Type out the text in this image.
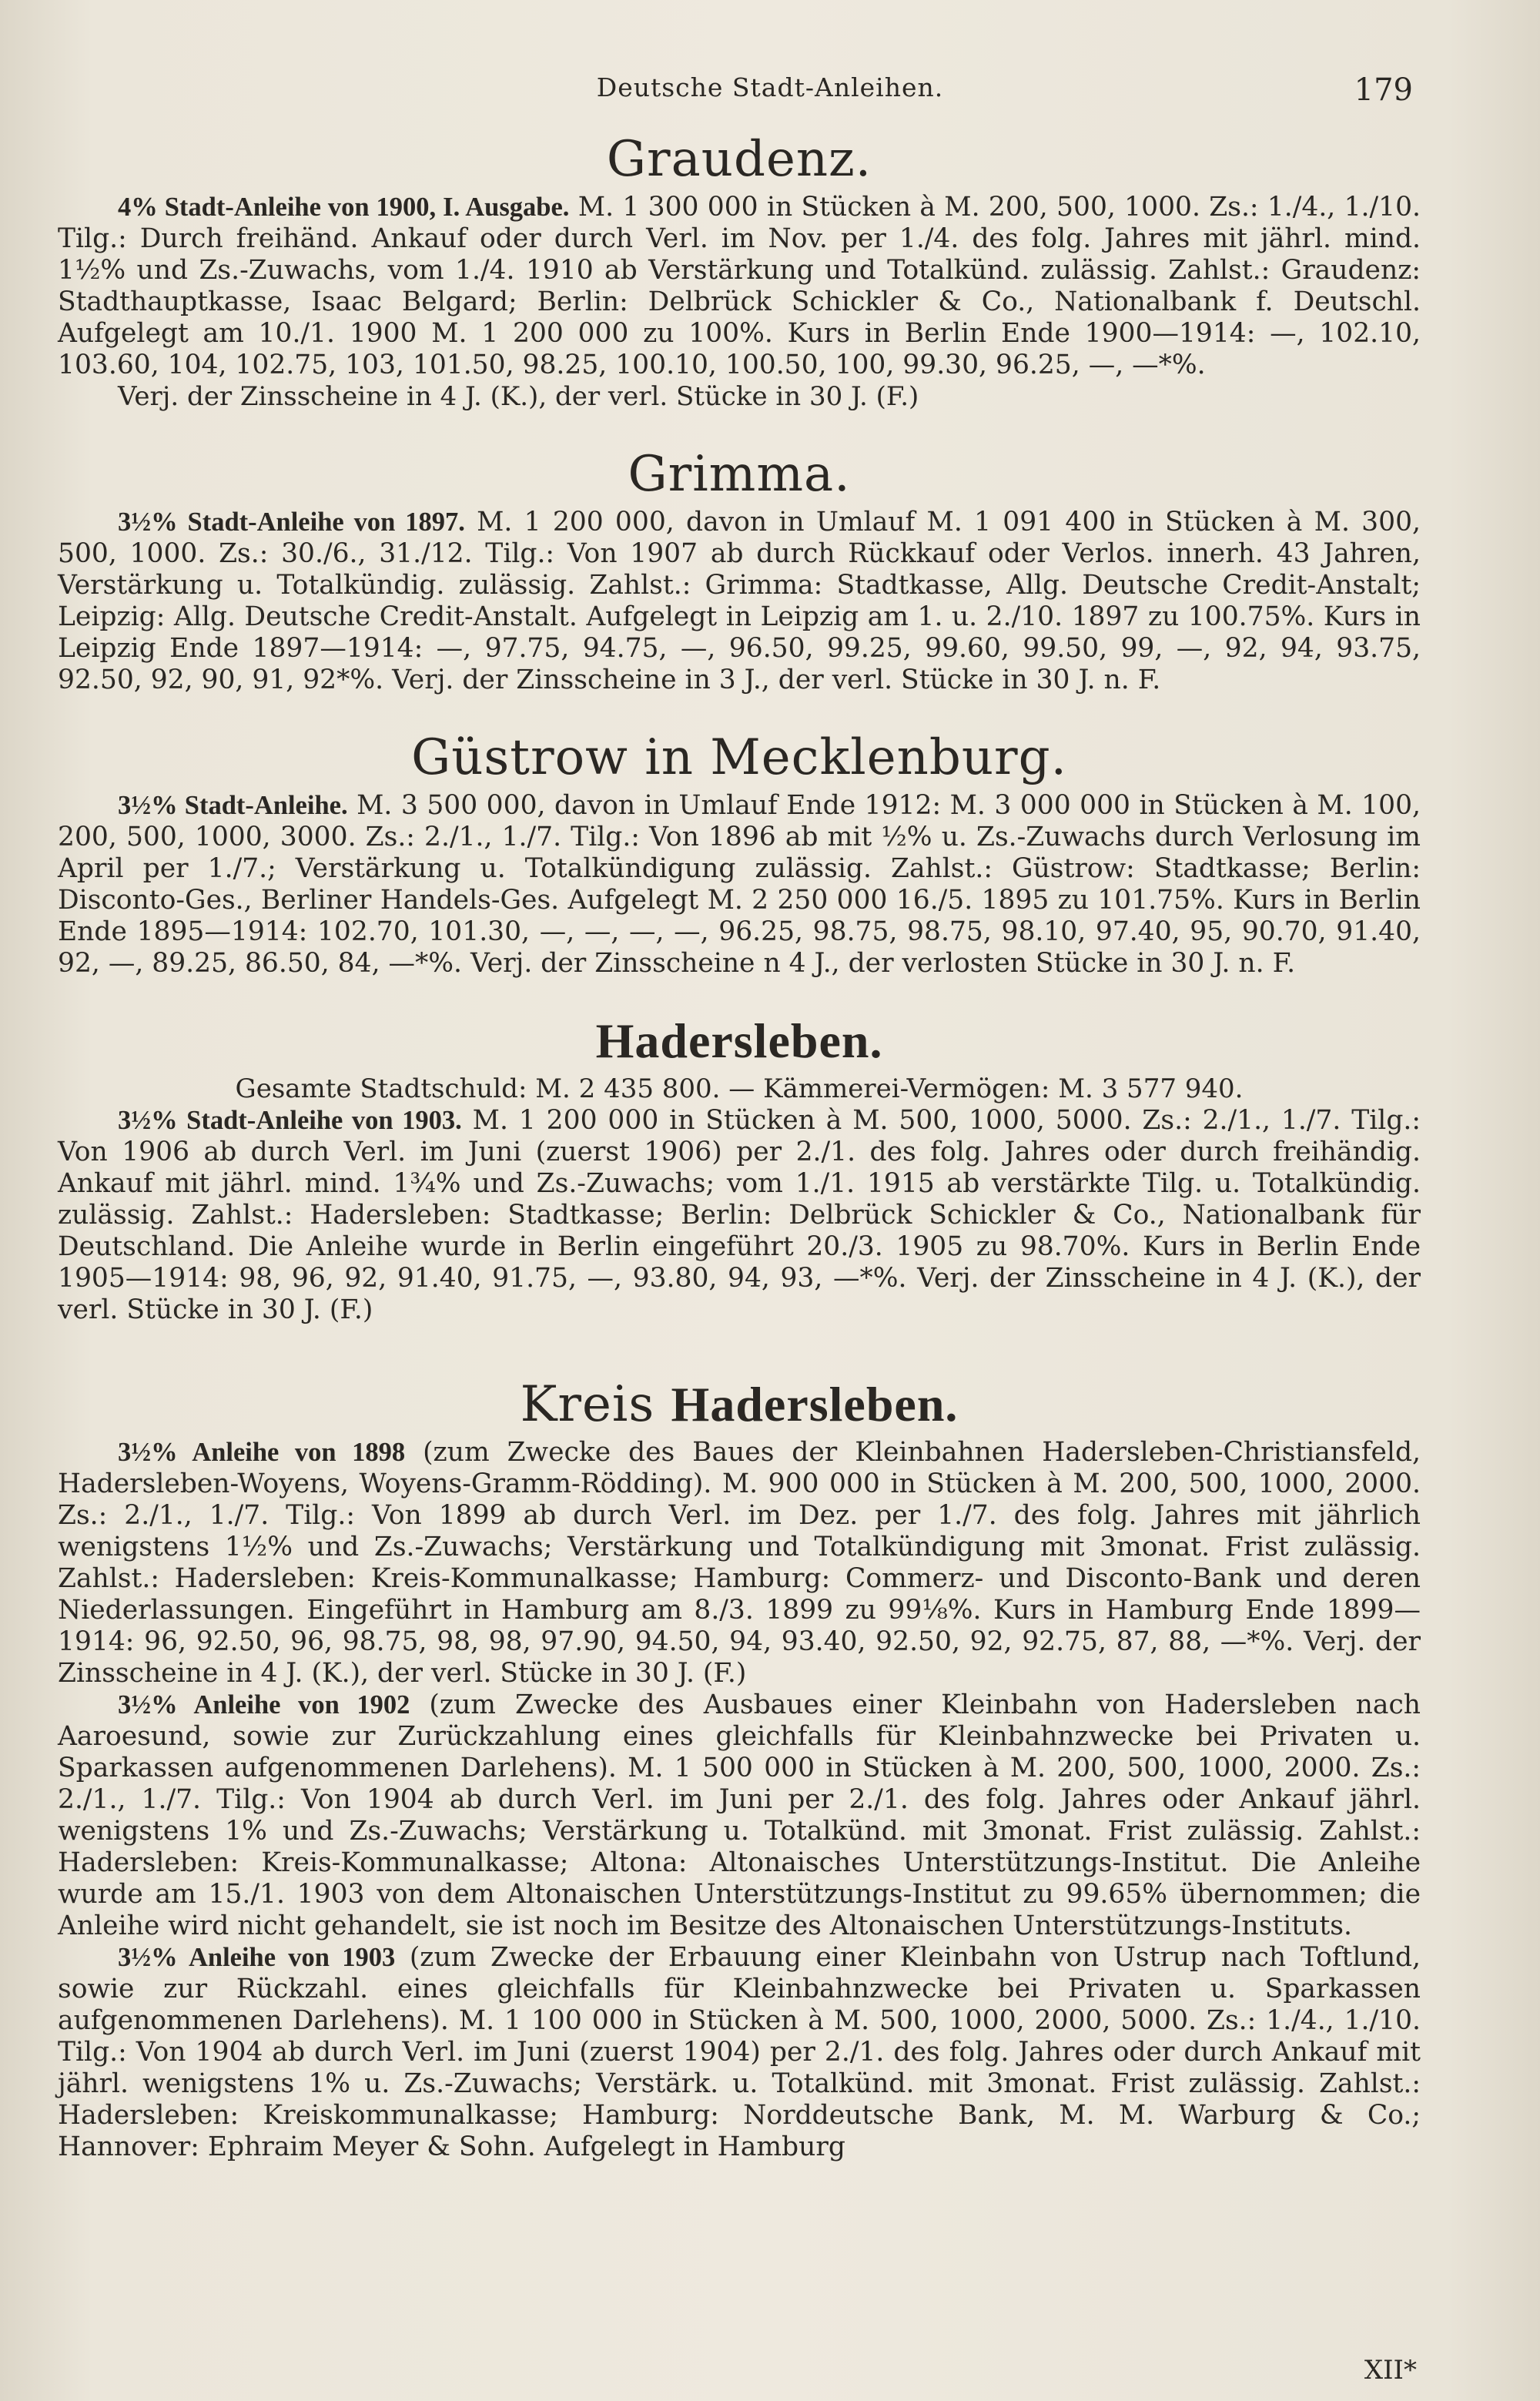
Deutsche Stadt-Anleihen.	179
Graudenz.

4% Stadt-Anleihe von 1900, I. Ausgabe. M. 1 300 000 in Stücken à M. 200, 500, 1000. Zs.: 1./4., 1./10. Tilg.: Durch freihänd. Ankauf oder durch Verl. im Nov. per 1./4. des folg. Jahres mit jährl. mind. 1½% und Zs.-Zuwachs, vom 1./4. 1910 ab Verstärkung und Totalkünd. zulässig. Zahlst.: Graudenz: Stadthauptkasse, Isaac Belgard; Berlin: Delbrück Schickler & Co., Nationalbank f. Deutschl. Aufgelegt am 10./1. 1900 M. 1 200 000 zu 100%. Kurs in Berlin Ende 1900—1914: —, 102.10, 103.60, 104, 102.75, 103, 101.50, 98.25, 100.10, 100.50, 100, 99.30, 96.25, —, —*%.

Verj. der Zinsscheine in 4 J. (K.), der verl. Stücke in 30 J. (F.)

Grimma.

3½% Stadt-Anleihe von 1897. M. 1 200 000, davon in Umlauf M. 1 091 400 in Stücken à M. 300, 500, 1000. Zs.: 30./6., 31./12. Tilg.: Von 1907 ab durch Rückkauf oder Verlos. innerh. 43 Jahren, Verstärkung u. Totalkündig. zulässig. Zahlst.: Grimma: Stadtkasse, Allg. Deutsche Credit-Anstalt; Leipzig: Allg. Deutsche Credit-Anstalt. Aufgelegt in Leipzig am 1. u. 2./10. 1897 zu 100.75%. Kurs in Leipzig Ende 1897—1914: —, 97.75, 94.75, —, 96.50, 99.25, 99.60, 99.50, 99, —, 92, 94, 93.75, 92.50, 92, 90, 91, 92*%. Verj. der Zinsscheine in 3 J., der verl. Stücke in 30 J. n. F.

Güstrow in Mecklenburg.

3½% Stadt-Anleihe. M. 3 500 000, davon in Umlauf Ende 1912: M. 3 000 000 in Stücken à M. 100, 200, 500, 1000, 3000. Zs.: 2./1., 1./7. Tilg.: Von 1896 ab mit ½% u. Zs.-Zuwachs durch Verlosung im April per 1./7.; Verstärkung u. Totalkündigung zulässig. Zahlst.: Güstrow: Stadtkasse; Berlin: Disconto-Ges., Berliner Handels-Ges. Aufgelegt M. 2 250 000 16./5. 1895 zu 101.75%. Kurs in Berlin Ende 1895—1914: 102.70, 101.30, —, —, —, —, 96.25, 98.75, 98.75, 98.10, 97.40, 95, 90.70, 91.40, 92, —, 89.25, 86.50, 84, —*%. Verj. der Zinsscheine n 4 J., der verlosten Stücke in 30 J. n. F.

Hadersleben.

Gesamte Stadtschuld: M. 2 435 800. — Kämmerei-Vermögen: M. 3 577 940.

3½% Stadt-Anleihe von 1903. M. 1 200 000 in Stücken à M. 500, 1000, 5000. Zs.: 2./1., 1./7. Tilg.: Von 1906 ab durch Verl. im Juni (zuerst 1906) per 2./1. des folg. Jahres oder durch freihändig. Ankauf mit jährl. mind. 1¾% und Zs.-Zuwachs; vom 1./1. 1915 ab verstärkte Tilg. u. Totalkündig. zulässig. Zahlst.: Hadersleben: Stadtkasse; Berlin: Delbrück Schickler & Co., Nationalbank für Deutschland. Die Anleihe wurde in Berlin eingeführt 20./3. 1905 zu 98.70%. Kurs in Berlin Ende 1905—1914: 98, 96, 92, 91.40, 91.75, —, 93.80, 94, 93, —*%. Verj. der Zinsscheine in 4 J. (K.), der verl. Stücke in 30 J. (F.)

Kreis Hadersleben.

3½% Anleihe von 1898 (zum Zwecke des Baues der Kleinbahnen Hadersleben-Christiansfeld, Hadersleben-Woyens, Woyens-Gramm-Rödding). M. 900 000 in Stücken à M. 200, 500, 1000, 2000. Zs.: 2./1., 1./7. Tilg.: Von 1899 ab durch Verl. im Dez. per 1./7. des folg. Jahres mit jährlich wenigstens 1½% und Zs.-Zuwachs; Verstärkung und Totalkündigung mit 3monat. Frist zulässig. Zahlst.: Hadersleben: Kreis-Kommunalkasse; Hamburg: Commerz- und Disconto-Bank und deren Niederlassungen. Eingeführt in Hamburg am 8./3. 1899 zu 99⅛%. Kurs in Hamburg Ende 1899—1914: 96, 92.50, 96, 98.75, 98, 98, 97.90, 94.50, 94, 93.40, 92.50, 92, 92.75, 87, 88, —*%. Verj. der Zinsscheine in 4 J. (K.), der verl. Stücke in 30 J. (F.)

3½% Anleihe von 1902 (zum Zwecke des Ausbaues einer Kleinbahn von Hadersleben nach Aaroesund, sowie zur Zurückzahlung eines gleichfalls für Kleinbahnzwecke bei Privaten u. Sparkassen aufgenommenen Darlehens). M. 1 500 000 in Stücken à M. 200, 500, 1000, 2000. Zs.: 2./1., 1./7. Tilg.: Von 1904 ab durch Verl. im Juni per 2./1. des folg. Jahres oder Ankauf jährl. wenigstens 1% und Zs.-Zuwachs; Verstärkung u. Totalkünd. mit 3monat. Frist zulässig. Zahlst.: Hadersleben: Kreis-Kommunalkasse; Altona: Altonaisches Unterstützungs-Institut. Die Anleihe wurde am 15./1. 1903 von dem Altonaischen Unterstützungs-Institut zu 99.65% übernommen; die Anleihe wird nicht gehandelt, sie ist noch im Besitze des Altonaischen Unterstützungs-Instituts.

3½% Anleihe von 1903 (zum Zwecke der Erbauung einer Kleinbahn von Ustrup nach Toftlund, sowie zur Rückzahl. eines gleichfalls für Kleinbahnzwecke bei Privaten u. Sparkassen aufgenommenen Darlehens). M. 1 100 000 in Stücken à M. 500, 1000, 2000, 5000. Zs.: 1./4., 1./10. Tilg.: Von 1904 ab durch Verl. im Juni (zuerst 1904) per 2./1. des folg. Jahres oder durch Ankauf mit jährl. wenigstens 1% u. Zs.-Zuwachs; Verstärk. u. Totalkünd. mit 3monat. Frist zulässig. Zahlst.: Hadersleben: Kreiskommunalkasse; Hamburg: Norddeutsche Bank, M. M. Warburg & Co.; Hannover: Ephraim Meyer & Sohn. Aufgelegt in Hamburg

XII*
